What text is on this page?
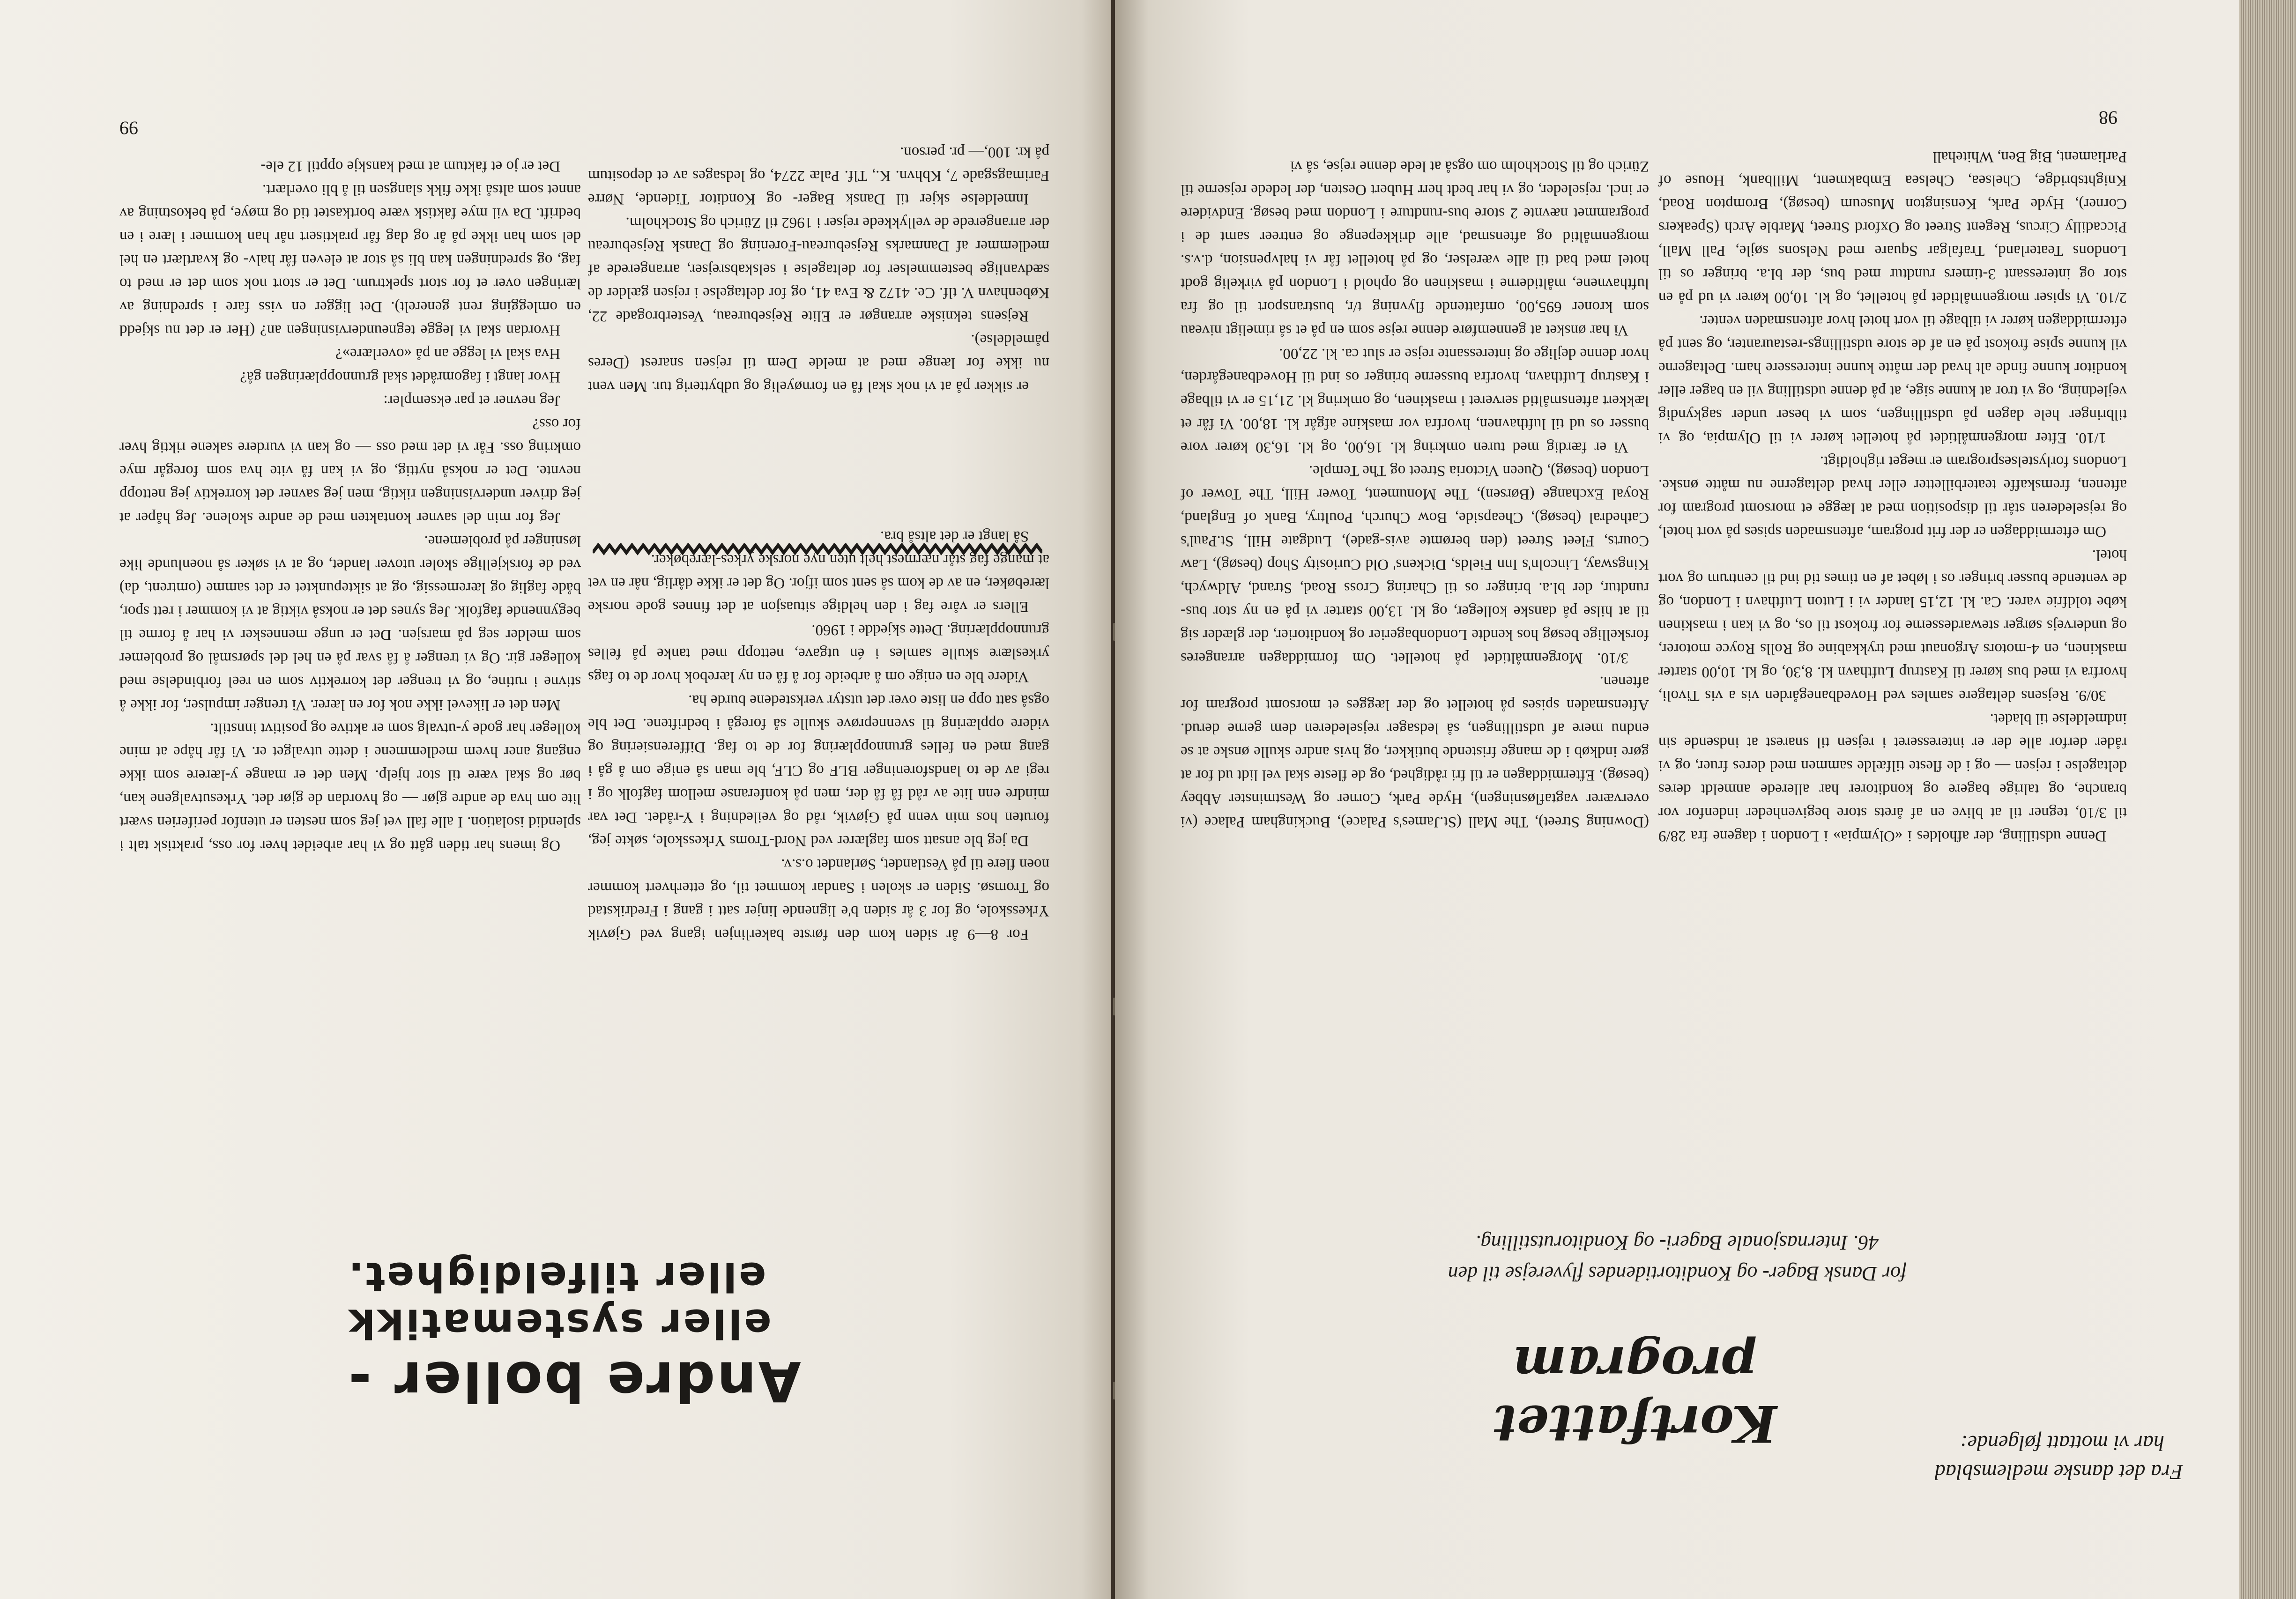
99
Andre boller -
eller systematikk
eller tilfeldighet.

For 8—9 år siden kom den første bakerlinjen igang ved Gjøvik Yrkesskole, og for 3 år siden b'e lignende linjer satt i gang i Fredrikstad og Tromsø. Siden er skolen i Sandar kommet til, og etterhvert kommer noen flere til på Vestlandet, Sørlandet o.s.v.

Da jeg ble ansatt som faglærer ved Nord-Troms Yrkesskole, søkte jeg, foruten hos min venn på Gjøvik, råd og veiledning i Y-rådet. Det var mindre enn lite av råd få få der, men på konferanse mellom fagfolk og i regi av de to landsforeninger BLF og CLF, ble man så enige om å gå i gang med en felles grunnopplæring for de to fag. Differensiering og videre opplæring til svenneprøve skulle så foregå i bedriftene. Det ble også satt opp en liste over det utstyr verkstedene burde ha.

Videre ble en enige om å arbeide for å få en ny lærebok hvor de to fags yrkeslære skulle samles i én utgave, nettopp med tanke på felles grunnopplæring. Dette skjedde i 1960.

Ellers er våre fag i den heldige situasjon at det finnes gode norske lærebøker, en av de kom så sent som ifjor. Og det er ikke dårlig, når en vet at mange fag står nærmest helt uten nye norske yrkes-lærebøker.

Så langt er det altså bra.

er sikker på at vi nok skal få en fornøyelig og udbytterig tur. Men vent nu ikke for længe med at melde Dem til rejsen snarest (Deres påmeldelse).

Rejsens tekniske arrangør er Elite Rejsebureau, Vesterbrogade 22, København V. tlf. Ce. 4172 & Eva 41, og for deltagelse i rejsen gælder de sædvanlige bestemmelser for deltagelse i selskabsrejser, arrangerede af medlemmer af Danmarks Rejsebureau-Forening og Dansk Rejsebureau der arrangerede de vellykkede rejser i 1962 til Zürich og Stockholm.

Inmeldelse skjer til Dansk Bager- og Konditor Tidende, Nørre Farimagsgade 7, Kbhvn. K., Tlf. Palæ 2274, og ledsages av et depositum på kr. 100,— pr. person.

Og imens har tiden gått og vi har arbeidet hver for oss, praktisk talt i splendid isolation. I alle fall vet jeg som nesten er utenfor periferien svært lite om hva de andre gjør — og hvordan de gjør det. Yrkesutvalgene kan, bør og skal være til stor hjelp. Men det er mange y-lærere som ikke engang aner hvem medlemmene i dette utvalget er. Vi får håpe at mine kolleger har gode y-utvalg som er aktive og positivt innstilt.

Men det er likevel ikke nok for en lærer. Vi trenger impulser, for ikke å stivne i rutine, og vi trenger det korrektiv som en reel forbindelse med kolleger gir. Og vi trenger å få svar på en hel del spørsmål og problemer som melder seg på marsjen. Det er unge mennesker vi har å forme til begynnende fagfolk. Jeg synes det er nokså viktig at vi kommer i rett spor, både faglig og læremessig, og at siktepunktet er det samme (omtrent, da) ved de forskjellige skoler utover landet, og at vi søker så noenlunde like løsninger på problemene.

Jeg for min del savner kontakten med de andre skolene. Jeg håper at jeg driver undervisningen riktig, men jeg savner det korrektiv jeg nettopp nevnte. Det er nokså nyttig, og vi kan få vite hva som foregår mye omkring oss. Får vi det med oss — og kan vi vurdere sakene riktig hver for oss?

Jeg nevner et par eksempler:

Hvor langt i fagområdet skal grunnopplæringen gå?

Hva skal vi legge an på «overlære»?

Hvordan skal vi legge tegneundervisningen an? (Her er det nu skjedd en omlegging rent generelt). Det ligger en viss fare i spredning av læringen over et for stort spektrum. Det er stort nok som det er med to fag, og spredningen kan bli så stor at eleven får halv- og kvartlært en hel del som han ikke på år og dag får praktisert når han kommer i lære i en bedrift. Da vil mye faktisk være bortkastet tid og møye, på bekostning av annet som altså ikke fikk slangsen til å bli overlært.

Det er jo et faktum at med kanskje opptil 12 ele-

98
Fra det danske medlemsblad
har vi mottatt følgende:
Kortfattet program
for Dansk Bager- og Konditortidendes flyverejse til den
46. Internasjonale Bageri- og Konditorutstilling.

Denne udstilling, der afholdes i «Olympia» i London i dagene fra 28/9 til 3/10, tegner til at blive en af årets store begivenheder indenfor vor branche, og talrige bagere og konditorer har allerede anmeldt deres deltagelse i rejsen — og i de fleste tilfælde sammen med deres fruer, og vi råder derfor alle der er interesseret i rejsen til snarest at indsende sin indmeldelse til bladet.

30/9. Rejsens deltagere samles ved Hovedbanegården vis a vis Tivoli, hvorfra vi med bus kører til Kastrup Lufthavn kl. 8,30, og kl. 10,00 starter maskinen, en 4-motors Argonaut med trykkabine og Rolls Royce motorer, og undervejs sørger stewardesserne for frokost til os, og vi kan i maskinen købe toldfrie varer. Ca. kl. 12,15 lander vi i Luton Lufthavn i London, og de ventende busser bringer os i løbet af en times tid ind til centrum og vort hotel.

Om eftermiddagen er der frit program, aftensmaden spises på vort hotel, og rejselederen står til disposition med at lægge et morsomt program for aftenen, fremskaffe teaterbilletter eller hvad deltagerne nu måtte ønske. Londons forlystelsesprogram er meget righoldigt.

1/10. Efter morgenmåltidet på hotellet kører vi til Olympia, og vi tilbringer hele dagen på udstillingen, som vi beser under sagkyndig vejledning, og vi tror at kunne sige, at på denne udstilling vil en bager eller konditor kunne finde alt hvad der måtte kunne interessere ham. Deltagerne vil kunne spise frokost på en af de store udstillings-restauranter, og sent på eftermiddagen kører vi tilbage til vort hotel hvor aftensmaden venter.

2/10. Vi spiser morgenmåltidet på hotellet, og kl. 10,00 kører vi ud på en stor og interessant 3-timers rundtur med bus, der bl.a. bringer os til Londons Teaterland, Trafalgar Square med Nelsons søjle, Pall Mall, Piccadilly Circus, Regent Street og Oxford Street, Marble Arch (Speakers Corner), Hyde Park, Kensington Museum (besøg), Brompton Road, Knightsbridge, Chelsea, Chelsea Embakment, Millbank, House of Parliament, Big Ben, Whitehall

(Downing Street), The Mall (St.James's Palace), Buckingham Palace (vi overværer vagtafløsningen), Hyde Park, Corner og Westminster Abbey (besøg). Eftermiddagen er til fri rådighed, og de fleste skal vel lidt ud for at gøre indkøb i de mange fristende butikker, og hvis andre skulle ønske at se endnu mere af udstillingen, så ledsager rejselederen dem gerne derud. Aftensmaden spises på hotellet og der lægges et morsomt program for aftenen.

3/10. Morgenmåltidet på hotellet. Om formiddagen arrangeres forskellige besøg hos kendte Londonbagerier og konditorier, der glæder sig til at hilse på danske kolleger, og kl. 13,00 starter vi på en ny stor bus-rundtur, der bl.a. bringer os til Charing Cross Road, Strand, Aldwych, Kingsway, Lincoln's Inn Fields, Dickens' Old Curiosity Shop (besøg), Law Courts, Fleet Street (den berømte avis-gade), Ludgate Hill, St.Paul's Cathedral (besøg), Cheapside, Bow Church, Poultry, Bank of England, Royal Exchange (Børsen), The Monument, Tower Hill, The Tower of London (besøg), Queen Victoria Street og The Temple.

Vi er færdig med turen omkring kl. 16,00, og kl. 16,30 kører vore busser os ud til lufthavnen, hvorfra vor maskine afgår kl. 18,00. Vi får et lækkert aftensmåltid serveret i maskinen, og omkring kl. 21,15 er vi tilbage i Kastrup Lufthavn, hvorfra busserne bringer os ind til Hovedbanegården, hvor denne dejlige og interessante rejse er slut ca. kl. 22,00.

Vi har ønsket at gennemføre denne rejse som en på et så rimeligt niveau som kroner 695,00, omfattende flyvning t/r, bustransport til og fra lufthavnene, måltiderne i maskinen og ophold i London på virkelig godt hotel med bad til alle værelser, og på hotellet får vi halvpension, d.v.s. morgenmåltid og aftensmad, alle drikkepenge og entreer samt de i programmet nævnte 2 store bus-rundture i London med besøg. Endvidere er incl. rejseleder, og vi har bedt herr Hubert Oesten, der ledede rejserne til Zürich og til Stockholm om også at lede denne rejse, så vi
